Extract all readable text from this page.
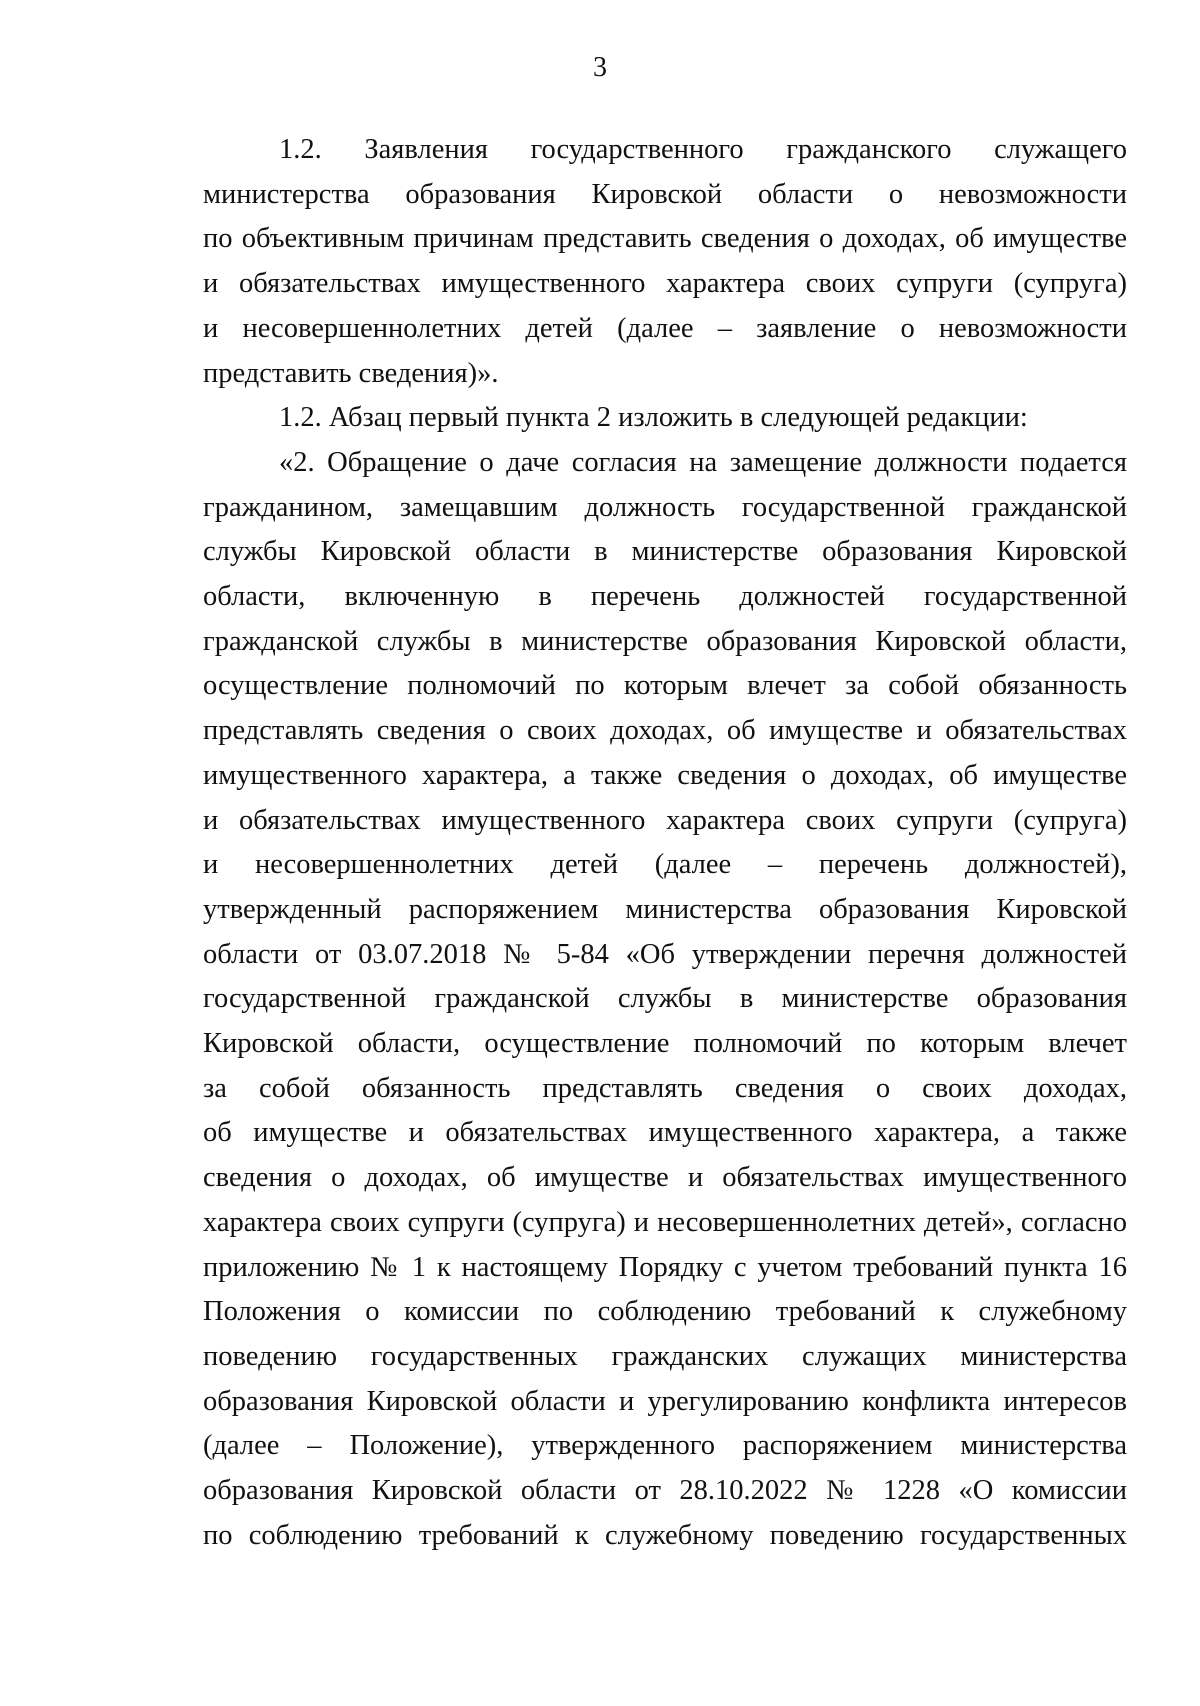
3

1.2. Заявления государственного гражданского служащего
министерства образования Кировской области о невозможности
по объективным причинам представить сведения о доходах, об имуществе
и обязательствах имущественного характера своих супруги (супруга)
и несовершеннолетних детей (далее – заявление о невозможности
представить сведения)».

1.2. Абзац первый пункта 2 изложить в следующей редакции:

«2. Обращение о даче согласия на замещение должности подается
гражданином, замещавшим должность государственной гражданской
службы Кировской области в министерстве образования Кировской
области, включенную в перечень должностей государственной
гражданской службы в министерстве образования Кировской области,
осуществление полномочий по которым влечет за собой обязанность
представлять сведения о своих доходах, об имуществе и обязательствах
имущественного характера, а также сведения о доходах, об имуществе
и обязательствах имущественного характера своих супруги (супруга)
и несовершеннолетних детей (далее – перечень должностей),
утвержденный распоряжением министерства образования Кировской
области от 03.07.2018 № 5-84 «Об утверждении перечня должностей
государственной гражданской службы в министерстве образования
Кировской области, осуществление полномочий по которым влечет
за собой обязанность представлять сведения о своих доходах,
об имуществе и обязательствах имущественного характера, а также
сведения о доходах, об имуществе и обязательствах имущественного
характера своих супруги (супруга) и несовершеннолетних детей», согласно
приложению № 1 к настоящему Порядку с учетом требований пункта 16
Положения о комиссии по соблюдению требований к служебному
поведению государственных гражданских служащих министерства
образования Кировской области и урегулированию конфликта интересов
(далее – Положение), утвержденного распоряжением министерства
образования Кировской области от 28.10.2022 № 1228 «О комиссии
по соблюдению требований к служебному поведению государственных
